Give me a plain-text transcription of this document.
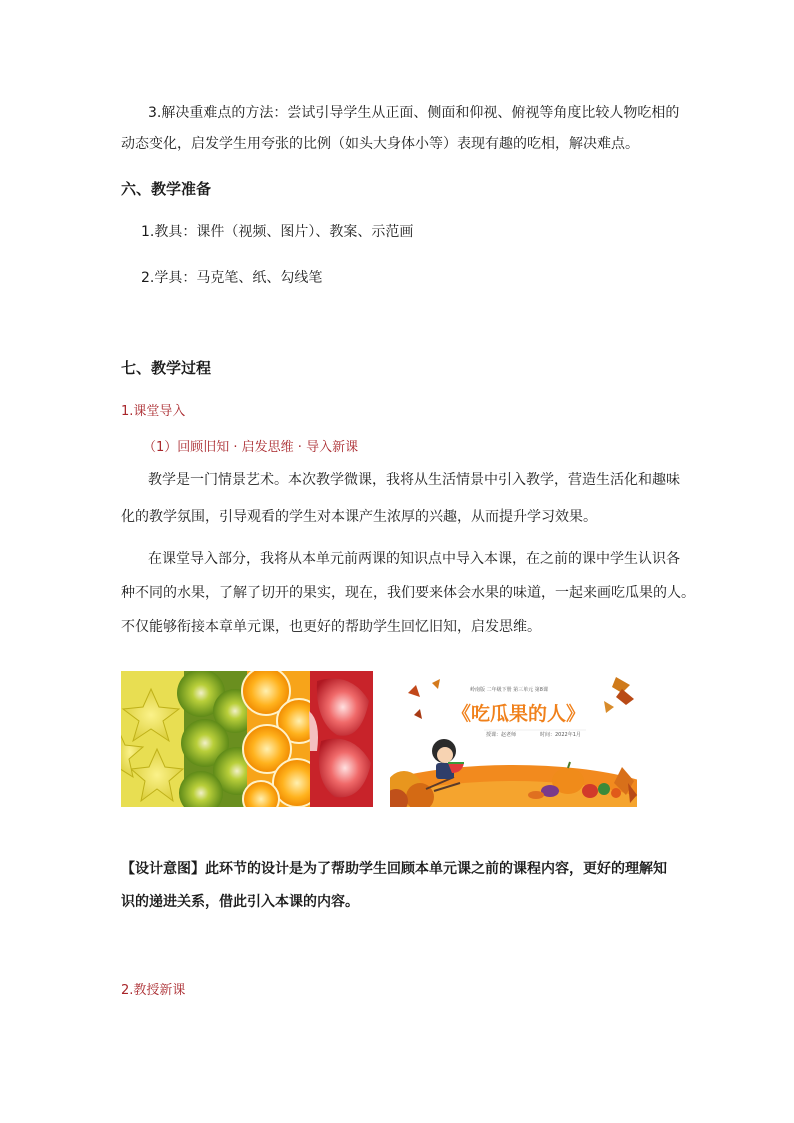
3.解决重难点的方法：尝试引导学生从正面、侧面和仰视、俯视等角度比较人物吃相的
动态变化，启发学生用夸张的比例（如头大身体小等）表现有趣的吃相，解决难点。
六、教学准备
1.教具：课件（视频、图片）、教案、示范画
2.学具：马克笔、纸、勾线笔
七、教学过程
1.课堂导入
（1）回顾旧知 · 启发思维 · 导入新课
教学是一门情景艺术。本次教学微课，我将从生活情景中引入教学，营造生活化和趣味
化的教学氛围，引导观看的学生对本课产生浓厚的兴趣，从而提升学习效果。
在课堂导入部分，我将从本单元前两课的知识点中导入本课，在之前的课中学生认识各
种不同的水果，了解了切开的果实，现在，我们要来体会水果的味道，一起来画吃瓜果的人。
不仅能够衔接本章单元课，也更好的帮助学生回忆旧知，启发思维。
岭南版 二年级下册 第三单元 第8课
《吃瓜果的人》
授课：赵老师	时间：2022年1月
【设计意图】此环节的设计是为了帮助学生回顾本单元课之前的课程内容，更好的理解知
识的递进关系，借此引入本课的内容。
2.教授新课
